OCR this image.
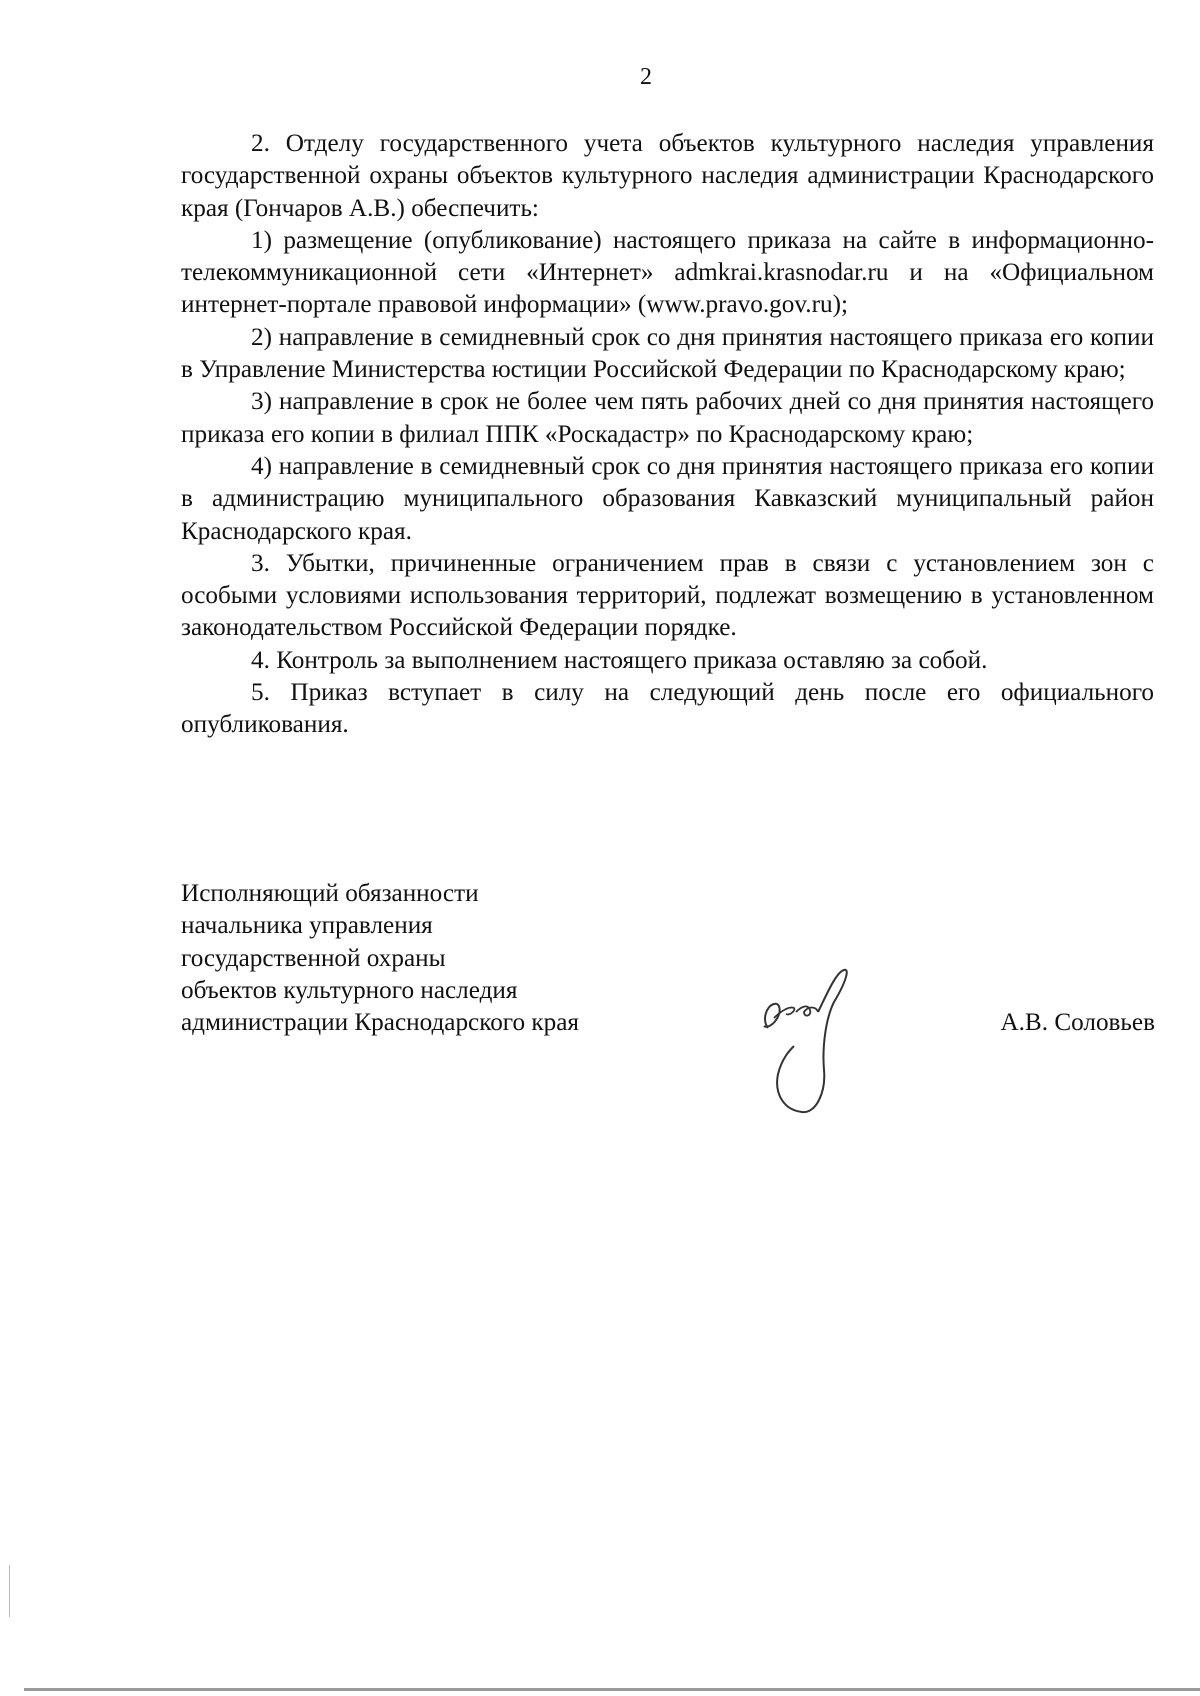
2

2. Отделу государственного учета объектов культурного наследия управления государственной охраны объектов культурного наследия администрации Краснодарского края (Гончаров А.В.) обеспечить:

1) размещение (опубликование) настоящего приказа на сайте в информационно-телекоммуникационной сети «Интернет» admkrai.krasnodar.ru и на «Официальном интернет-портале правовой информации» (www.pravo.gov.ru);

2) направление в семидневный срок со дня принятия настоящего приказа его копии в Управление Министерства юстиции Российской Федерации по Краснодарскому краю;

3) направление в срок не более чем пять рабочих дней со дня принятия настоящего приказа его копии в филиал ППК «Роскадастр» по Краснодарскому краю;

4) направление в семидневный срок со дня принятия настоящего приказа его копии в администрацию муниципального образования Кавказский муниципальный район Краснодарского края.

3. Убытки, причиненные ограничением прав в связи с установлением зон с особыми условиями использования территорий, подлежат возмещению в установленном законодательством Российской Федерации порядке.

4. Контроль за выполнением настоящего приказа оставляю за собой.

5. Приказ вступает в силу на следующий день после его официального опубликования.

Исполняющий обязанности
начальника управления
государственной охраны
объектов культурного наследия
администрации Краснодарского края	А.В. Соловьев
